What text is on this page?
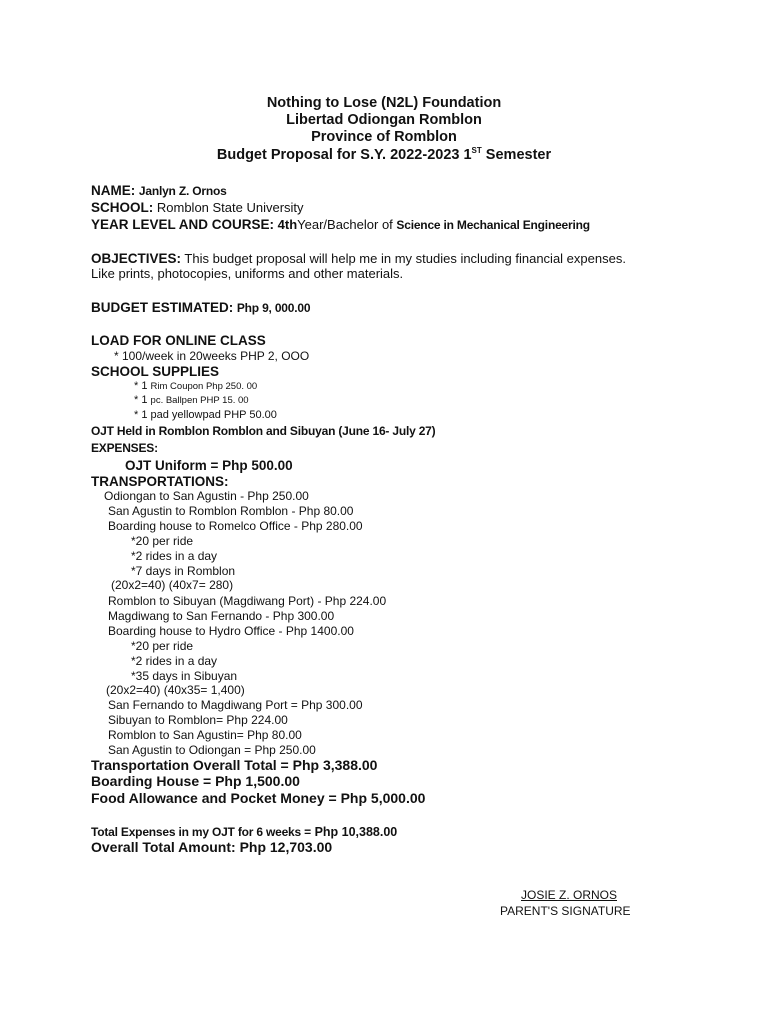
Nothing to Lose (N2L) Foundation
Libertad Odiongan Romblon
Province of Romblon
Budget Proposal for S.Y. 2022-2023 1ST Semester
NAME: Janlyn Z. Ornos
SCHOOL: Romblon State University
YEAR LEVEL AND COURSE: 4thYear/Bachelor of Science in Mechanical Engineering
OBJECTIVES: This budget proposal will help me in my studies including financial expenses.
Like prints, photocopies, uniforms and other materials.
BUDGET ESTIMATED: Php 9, 000.00
LOAD FOR ONLINE CLASS
* 100/week in 20weeks PHP 2, OOO
SCHOOL SUPPLIES
* 1 Rim Coupon Php 250. 00
* 1 pc. Ballpen PHP 15. 00
* 1 pad yellowpad PHP 50.00
OJT Held in Romblon Romblon and Sibuyan (June 16- July 27)
EXPENSES:
OJT Uniform = Php 500.00
TRANSPORTATIONS:
Odiongan to San Agustin - Php 250.00
San Agustin to Romblon Romblon - Php 80.00
Boarding house to Romelco Office - Php 280.00
*20 per ride
*2 rides in a day
*7 days in Romblon
(20x2=40) (40x7= 280)
Romblon to Sibuyan (Magdiwang Port) - Php 224.00
Magdiwang to San Fernando - Php 300.00
Boarding house to Hydro Office - Php 1400.00
*20 per ride
*2 rides in a day
*35 days in Sibuyan
(20x2=40) (40x35= 1,400)
San Fernando to Magdiwang Port = Php 300.00
Sibuyan to Romblon= Php 224.00
Romblon to San Agustin= Php 80.00
San Agustin to Odiongan = Php 250.00
Transportation Overall Total = Php 3,388.00
Boarding House = Php 1,500.00
Food Allowance and Pocket Money = Php 5,000.00
Total Expenses in my OJT for 6 weeks = Php 10,388.00
Overall Total Amount: Php 12,703.00
JOSIE Z. ORNOS
PARENT'S SIGNATURE
